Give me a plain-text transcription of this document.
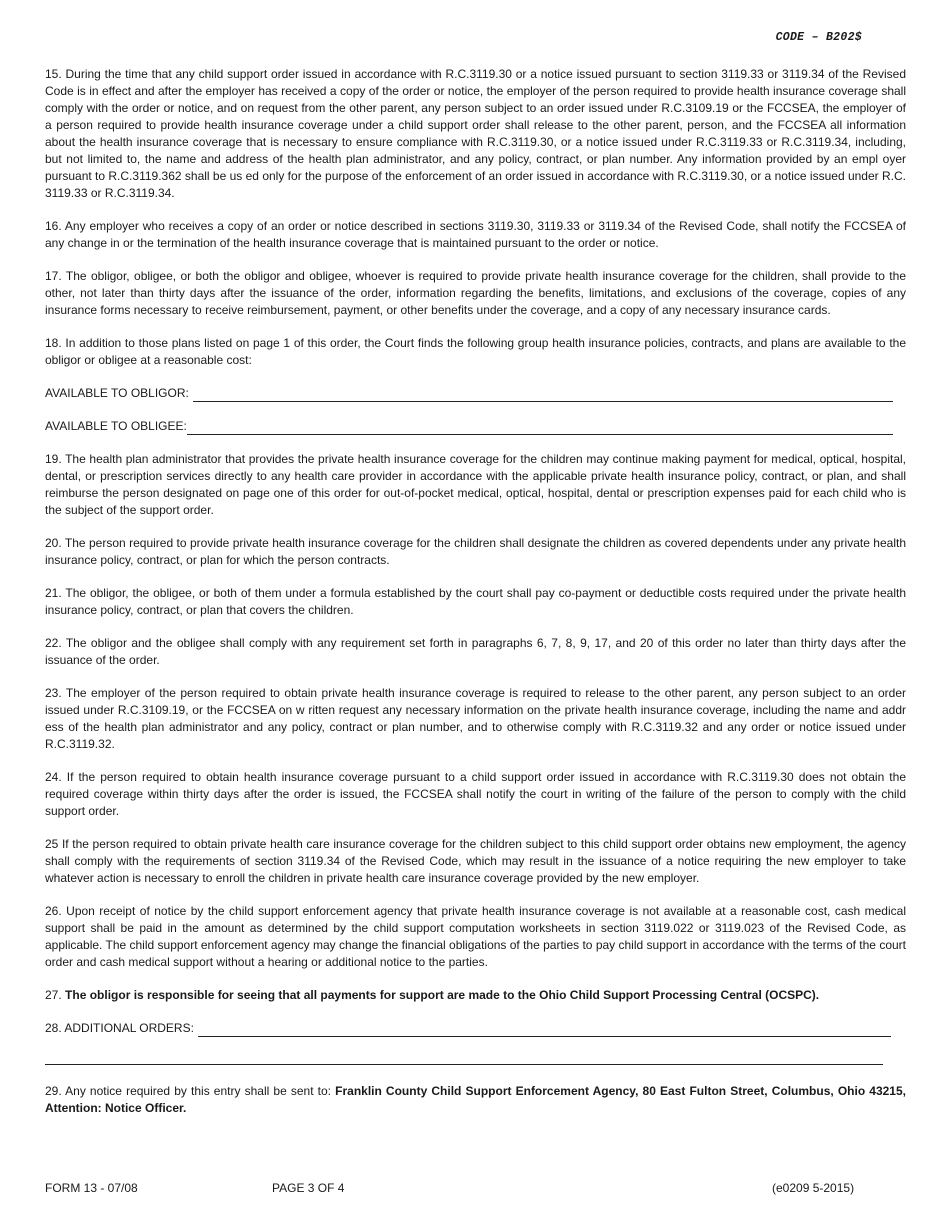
CODE – B202$

15. During the time that any child support order issued in accordance with R.C.3119.30 or a notice issued pursuant to section 3119.33 or 3119.34 of the Revised Code is in effect and after the employer has received a copy of the order or notice, the employer of the person required to provide health insurance coverage shall comply with the order or notice, and on request from the other parent, any person subject to an order issued under R.C.3109.19 or the FCCSEA, the employer of a person required to provide health insurance coverage under a child support order shall release to the other parent, person, and the FCCSEA all information about the health insurance coverage that is necessary to ensure compliance with R.C.3119.30, or a notice issued under R.C.3119.33 or R.C.3119.34, including, but not limited to, the name and address of the health plan administrator, and any policy, contract, or plan number. Any information provided by an empl oyer pursuant to R.C.3119.362 shall be us ed only for the purpose of the enforcement of an order issued in accordance with R.C.3119.30, or a notice issued under R.C. 3119.33 or R.C.3119.34.

16. Any employer who receives a copy of an order or notice described in sections 3119.30, 3119.33 or 3119.34 of the Revised Code, shall notify the FCCSEA of any change in or the termination of the health insurance coverage that is maintained pursuant to the order or notice.

17. The obligor, obligee, or both the obligor and obligee, whoever is required to provide private health insurance coverage for the children, shall provide to the other, not later than thirty days after the issuance of the order, information regarding the benefits, limitations, and exclusions of the coverage, copies of any insurance forms necessary to receive reimbursement, payment, or other benefits under the coverage, and a copy of any necessary insurance cards.

18. In addition to those plans listed on page 1 of this order, the Court finds the following group health insurance policies, contracts, and plans are available to the obligor or obligee at a reasonable cost:

AVAILABLE TO OBLIGOR:
AVAILABLE TO OBLIGEE:

19. The health plan administrator that provides the private health insurance coverage for the children may continue making payment for medical, optical, hospital, dental, or prescription services directly to any health care provider in accordance with the applicable private health insurance policy, contract, or plan, and shall reimburse the person designated on page one of this order for out-of-pocket medical, optical, hospital, dental or prescription expenses paid for each child who is the subject of the support order.

20. The person required to provide private health insurance coverage for the children shall designate the children as covered dependents under any private health insurance policy, contract, or plan for which the person contracts.

21. The obligor, the obligee, or both of them under a formula established by the court shall pay co-payment or deductible costs required under the private health insurance policy, contract, or plan that covers the children.

22. The obligor and the obligee shall comply with any requirement set forth in paragraphs 6, 7, 8, 9, 17, and 20 of this order no later than thirty days after the issuance of the order.

23. The employer of the person required to obtain private health insurance coverage is required to release to the other parent, any person subject to an order issued under R.C.3109.19, or the FCCSEA on w ritten request any necessary information on the private health insurance coverage, including the name and addr ess of the health plan administrator and any policy, contract or plan number, and to otherwise comply with R.C.3119.32 and any order or notice issued under R.C.3119.32.

24. If the person required to obtain health insurance coverage pursuant to a child support order issued in accordance with R.C.3119.30 does not obtain the required coverage within thirty days after the order is issued, the FCCSEA shall notify the court in writing of the failure of the person to comply with the child support order.

25 If the person required to obtain private health care insurance coverage for the children subject to this child support order obtains new employment, the agency shall comply with the requirements of section 3119.34 of the Revised Code, which may result in the issuance of a notice requiring the new employer to take whatever action is necessary to enroll the children in private health care insurance coverage provided by the new employer.

26. Upon receipt of notice by the child support enforcement agency that private health insurance coverage is not available at a reasonable cost, cash medical support shall be paid in the amount as determined by the child support computation worksheets in section 3119.022 or 3119.023 of the Revised Code, as applicable. The child support enforcement agency may change the financial obligations of the parties to pay child support in accordance with the terms of the court order and cash medical support without a hearing or additional notice to the parties.

27. The obligor is responsible for seeing that all payments for support are made to the Ohio Child Support Processing Central (OCSPC).

28. ADDITIONAL ORDERS:

29. Any notice required by this entry shall be sent to: Franklin County Child Support Enforcement Agency, 80 East Fulton Street, Columbus, Ohio 43215, Attention: Notice Officer.

FORM 13 - 07/08	PAGE 3 OF 4	(e0209 5-2015)
